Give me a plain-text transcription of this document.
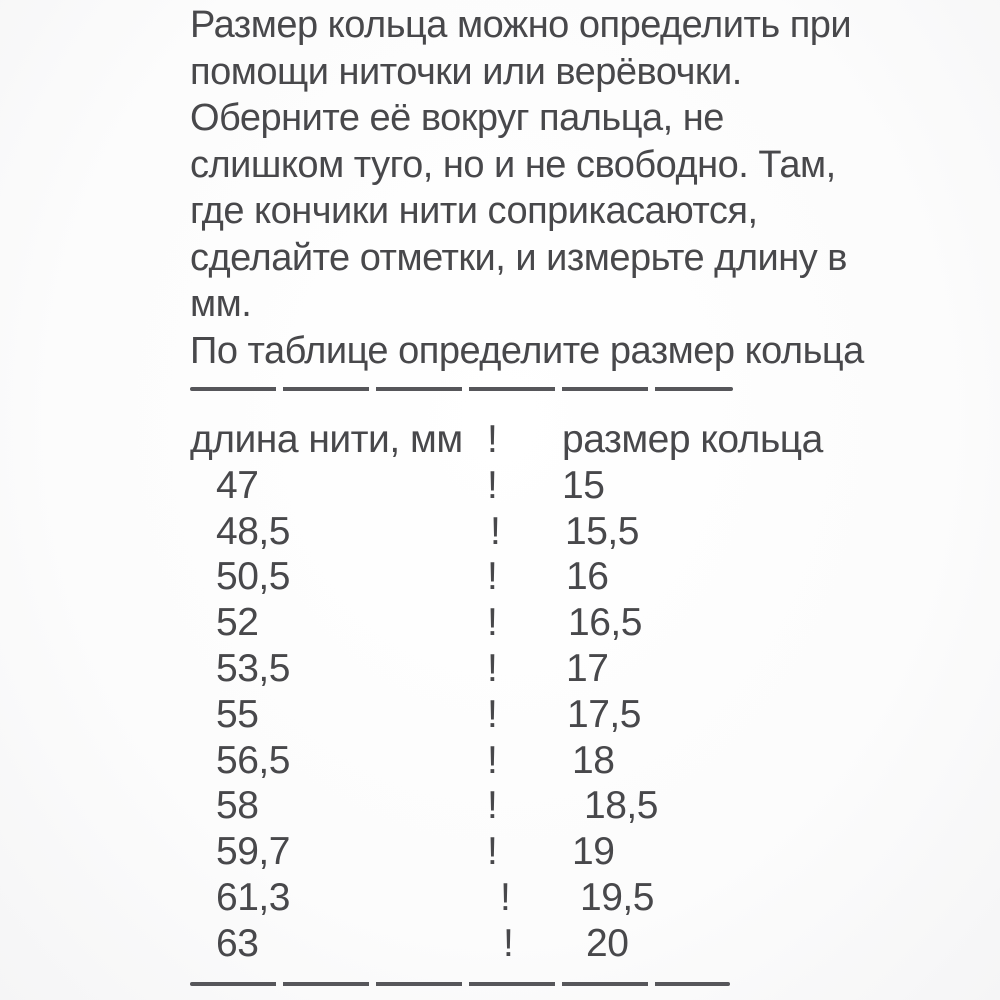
Размер кольца можно определить при
помощи ниточки или верёвочки.
Оберните её вокруг пальца, не
слишком туго, но и не свободно. Там,
где кончики нити соприкасаются,
сделайте отметки, и измерьте длину в
мм.
По таблице определите размер кольца
длина нити, мм !	размер кольца
47	!	15
48,5	!	15,5
50,5	!	16
52	!	16,5
53,5	!	17
55	!	17,5
56,5	!	18
58	!	18,5
59,7	!	19
61,3	!	19,5
63	!	20
